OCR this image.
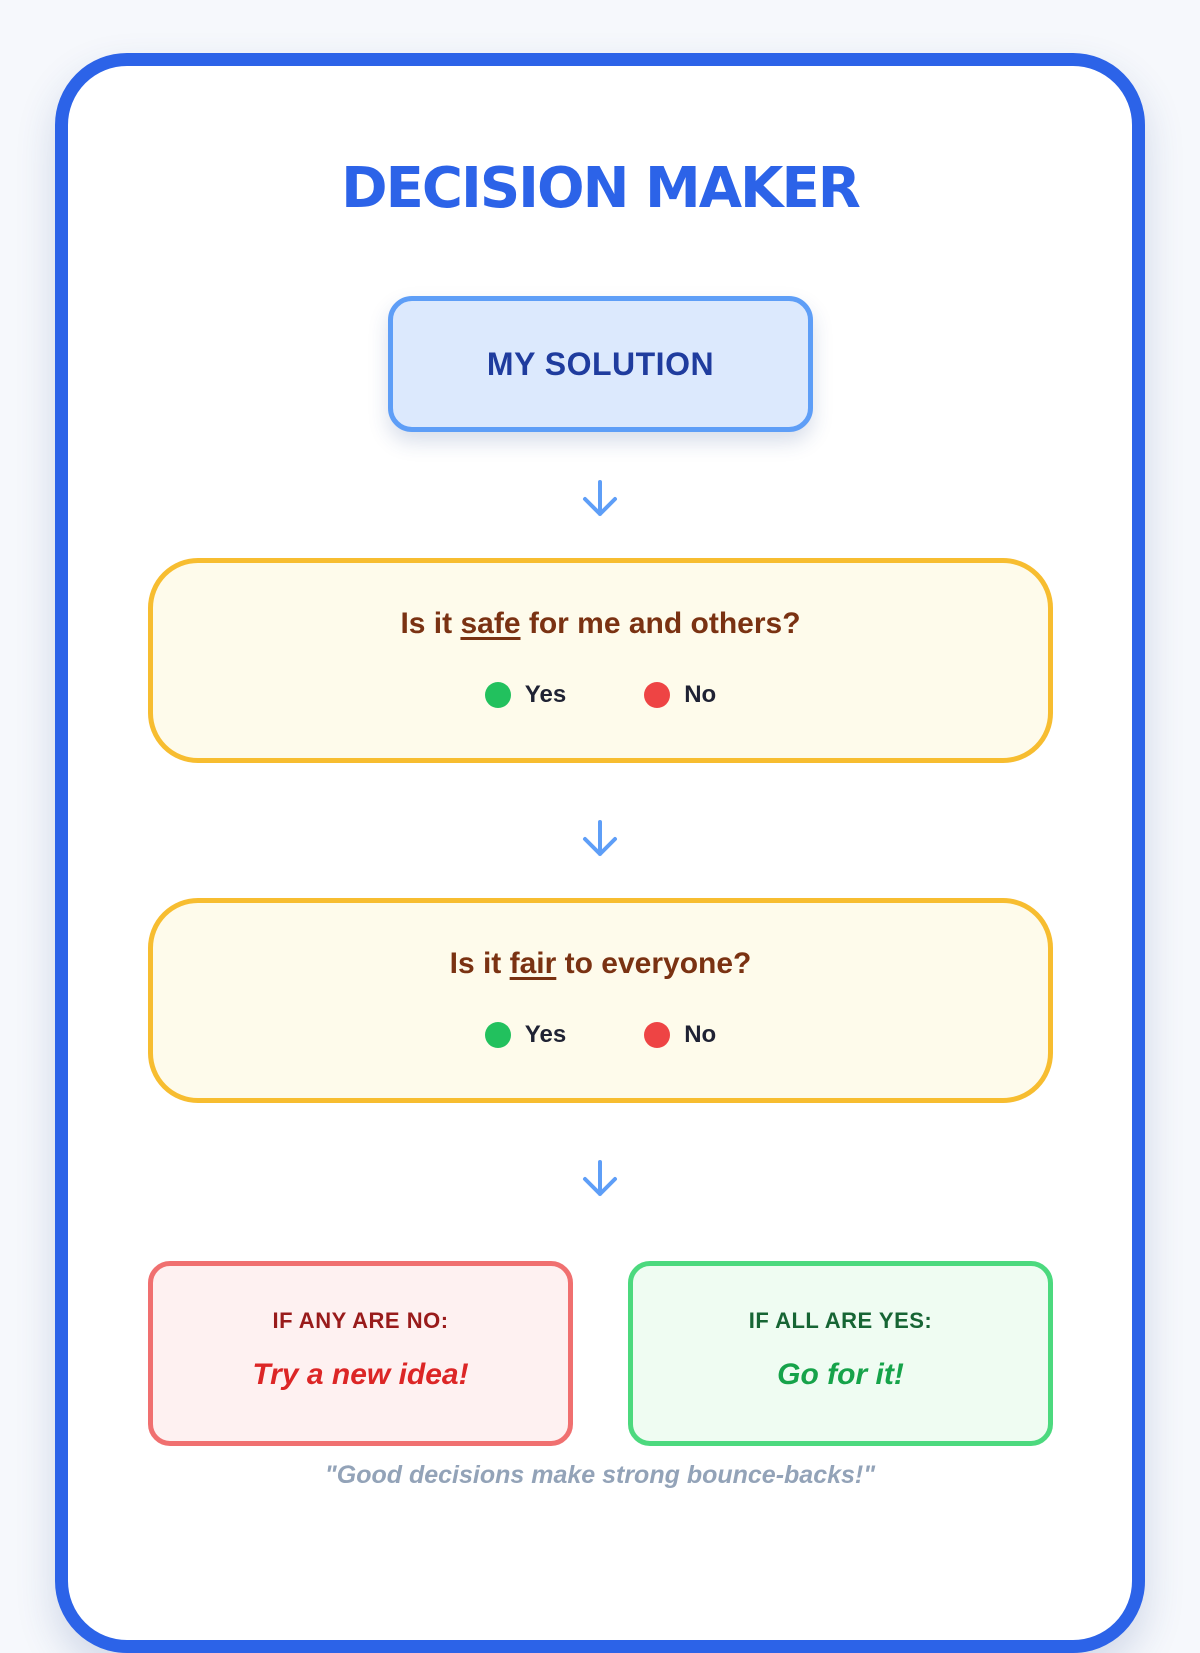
DECISION MAKER
MY SOLUTION
Is it safe for me and others?
Yes	No
Is it fair to everyone?
Yes	No
IF ANY ARE NO:
Try a new idea!
IF ALL ARE YES:
Go for it!
"Good decisions make strong bounce-backs!"
